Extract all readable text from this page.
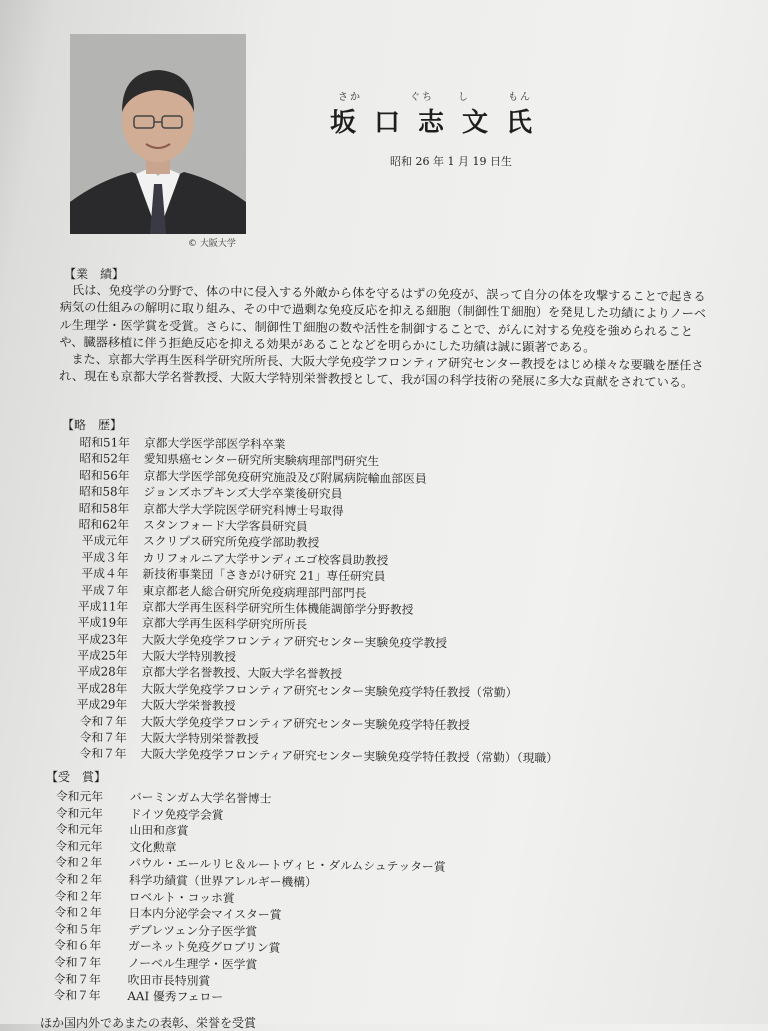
© 大阪大学
さか	ぐち し	もん
坂口志文氏
昭和 26 年 1 月 19 日生
【業　績】

氏は、免疫学の分野で、体の中に侵入する外敵から体を守るはずの免疫が、誤って自分の体を攻撃することで起きる病気の仕組みの解明に取り組み、その中で過剰な免疫反応を抑える細胞（制御性Ｔ細胞）を発見した功績によりノーベル生理学・医学賞を受賞。さらに、制御性Ｔ細胞の数や活性を制御することで、がんに対する免疫を強められることや、臓器移植に伴う拒絶反応を抑える効果があることなどを明らかにした功績は誠に顕著である。

また、京都大学再生医科学研究所所長、大阪大学免疫学フロンティア研究センター教授をはじめ様々な要職を歴任され、現在も京都大学名誉教授、大阪大学特別栄誉教授として、我が国の科学技術の発展に多大な貢献をされている。

【略　歴】
昭和51年	京都大学医学部医学科卒業
昭和52年	愛知県癌センター研究所実験病理部門研究生
昭和56年	京都大学医学部免疫研究施設及び附属病院輸血部医員
昭和58年	ジョンズホプキンズ大学卒業後研究員
昭和58年	京都大学大学院医学研究科博士号取得
昭和62年	スタンフォード大学客員研究員
平成元年	スクリプス研究所免疫学部助教授
平成３年	カリフォルニア大学サンディエゴ校客員助教授
平成４年	新技術事業団「さきがけ研究 21」専任研究員
平成７年	東京都老人総合研究所免疫病理部門部門長
平成11年	京都大学再生医科学研究所生体機能調節学分野教授
平成19年	京都大学再生医科学研究所所長
平成23年	大阪大学免疫学フロンティア研究センター実験免疫学教授
平成25年	大阪大学特別教授
平成28年	京都大学名誉教授、大阪大学名誉教授
平成28年	大阪大学免疫学フロンティア研究センター実験免疫学特任教授（常勤）
平成29年	大阪大学栄誉教授
令和７年	大阪大学免疫学フロンティア研究センター実験免疫学特任教授
令和７年	大阪大学特別栄誉教授
令和７年	大阪大学免疫学フロンティア研究センター実験免疫学特任教授（常勤）（現職）
【受　賞】
令和元年	バーミンガム大学名誉博士
令和元年	ドイツ免疫学会賞
令和元年	山田和彦賞
令和元年	文化勲章
令和２年	パウル・エールリヒ＆ルートヴィヒ・ダルムシュテッター賞
令和２年	科学功績賞（世界アレルギー機構）
令和２年	ロベルト・コッホ賞
令和２年	日本内分泌学会マイスター賞
令和５年	デブレツェン分子医学賞
令和６年	ガーネット免疫グロブリン賞
令和７年	ノーベル生理学・医学賞
令和７年	吹田市長特別賞
令和７年	AAI 優秀フェロー
ほか国内外であまたの表彰、栄誉を受賞
